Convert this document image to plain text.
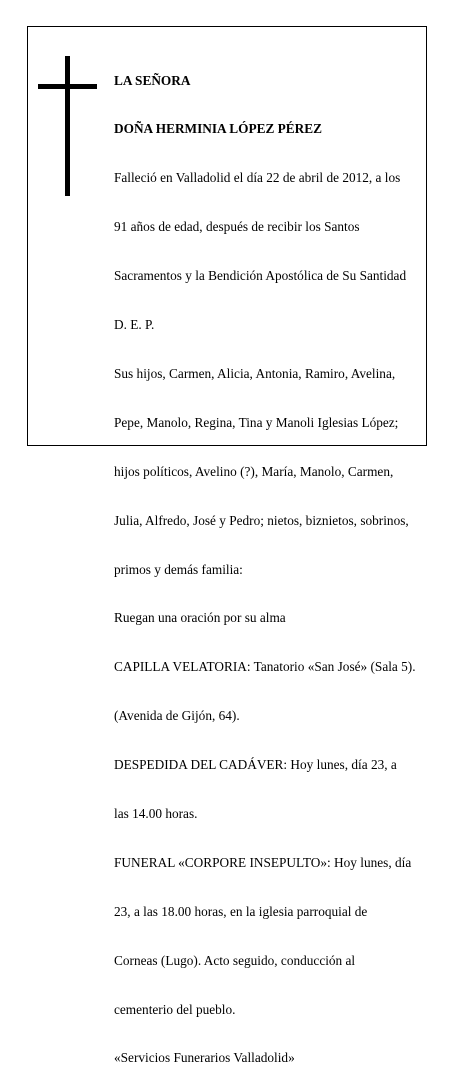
LA SEÑORA

DOÑA HERMINIA LÓPEZ PÉREZ

Falleció en Valladolid el día 22 de abril de 2012, a los

91 años de edad, después de recibir los Santos

Sacramentos y la Bendición Apostólica de Su Santidad

D. E. P.

Sus hijos, Carmen, Alicia, Antonia, Ramiro, Avelina,

Pepe, Manolo, Regina, Tina y Manoli Iglesias López;

hijos políticos, Avelino (?), María, Manolo, Carmen,

Julia, Alfredo, José y Pedro; nietos, biznietos, sobrinos,

primos y demás familia:

Ruegan una oración por su alma

CAPILLA VELATORIA: Tanatorio «San José» (Sala 5).

(Avenida de Gijón, 64).

DESPEDIDA DEL CADÁVER: Hoy lunes, día 23, a

las 14.00 horas.

FUNERAL «CORPORE INSEPULTO»: Hoy lunes, día

23, a las 18.00 horas, en la iglesia parroquial de

Corneas (Lugo). Acto seguido, conducción al

cementerio del pueblo.

«Servicios Funerarios Valladolid»
